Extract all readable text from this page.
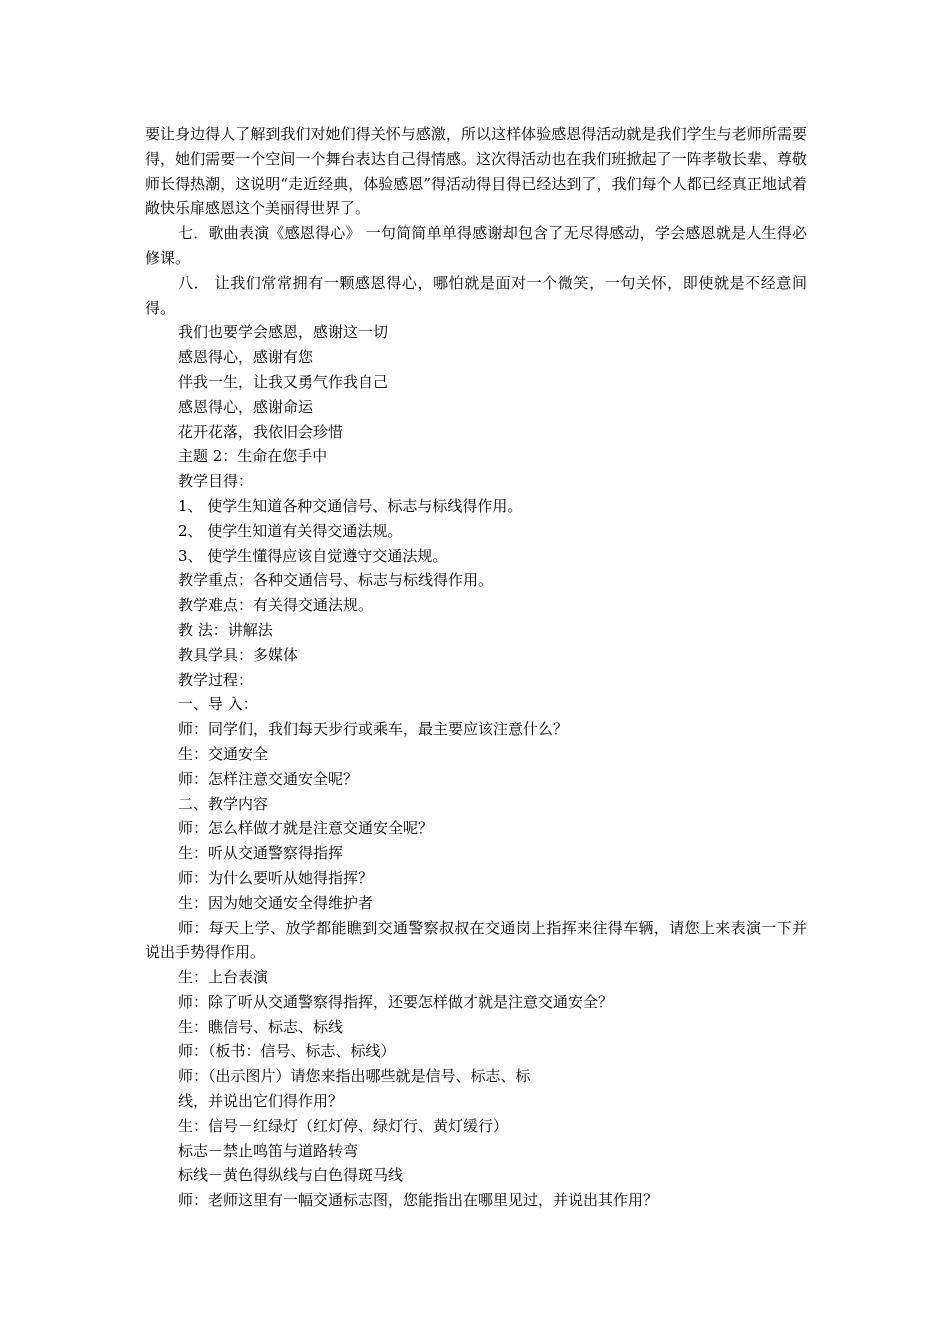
要让身边得人了解到我们对她们得关怀与感激，所以这样体验感恩得活动就是我们学生与老师所需要得，她们需要一个空间一个舞台表达自己得情感。这次得活动也在我们班掀起了一阵孝敬长辈、尊敬师长得热潮，这说明“走近经典，体验感恩”得活动得目得已经达到了，我们每个人都已经真正地试着敞快乐扉感恩这个美丽得世界了。

七．歌曲表演《感恩得心》 一句简简单单得感谢却包含了无尽得感动，学会感恩就是人生得必修课。

八． 让我们常常拥有一颗感恩得心，哪怕就是面对一个微笑，一句关怀，即使就是不经意间得。

我们也要学会感恩，感谢这一切

感恩得心，感谢有您

伴我一生，让我又勇气作我自己

感恩得心，感谢命运

花开花落，我依旧会珍惜

主题 2：生命在您手中

教学目得：

1、 使学生知道各种交通信号、标志与标线得作用。

2、 使学生知道有关得交通法规。

3、 使学生懂得应该自觉遵守交通法规。

教学重点：各种交通信号、标志与标线得作用。

教学难点：有关得交通法规。

教 法：讲解法

教具学具：多媒体

教学过程：

一、导 入：

师：同学们，我们每天步行或乘车，最主要应该注意什么？

生：交通安全

师：怎样注意交通安全呢？

二、教学内容

师：怎么样做才就是注意交通安全呢？

生：听从交通警察得指挥

师：为什么要听从她得指挥？

生：因为她交通安全得维护者

师：每天上学、放学都能瞧到交通警察叔叔在交通岗上指挥来往得车辆，请您上来表演一下并说出手势得作用。

生：上台表演

师：除了听从交通警察得指挥，还要怎样做才就是注意交通安全？

生：瞧信号、标志、标线

师：（板书：信号、标志、标线）

师：（出示图片）请您来指出哪些就是信号、标志、标

线，并说出它们得作用？

生：信号－红绿灯（红灯停、绿灯行、黄灯缓行）

标志－禁止鸣笛与道路转弯

标线－黄色得纵线与白色得斑马线

师：老师这里有一幅交通标志图，您能指出在哪里见过，并说出其作用？
